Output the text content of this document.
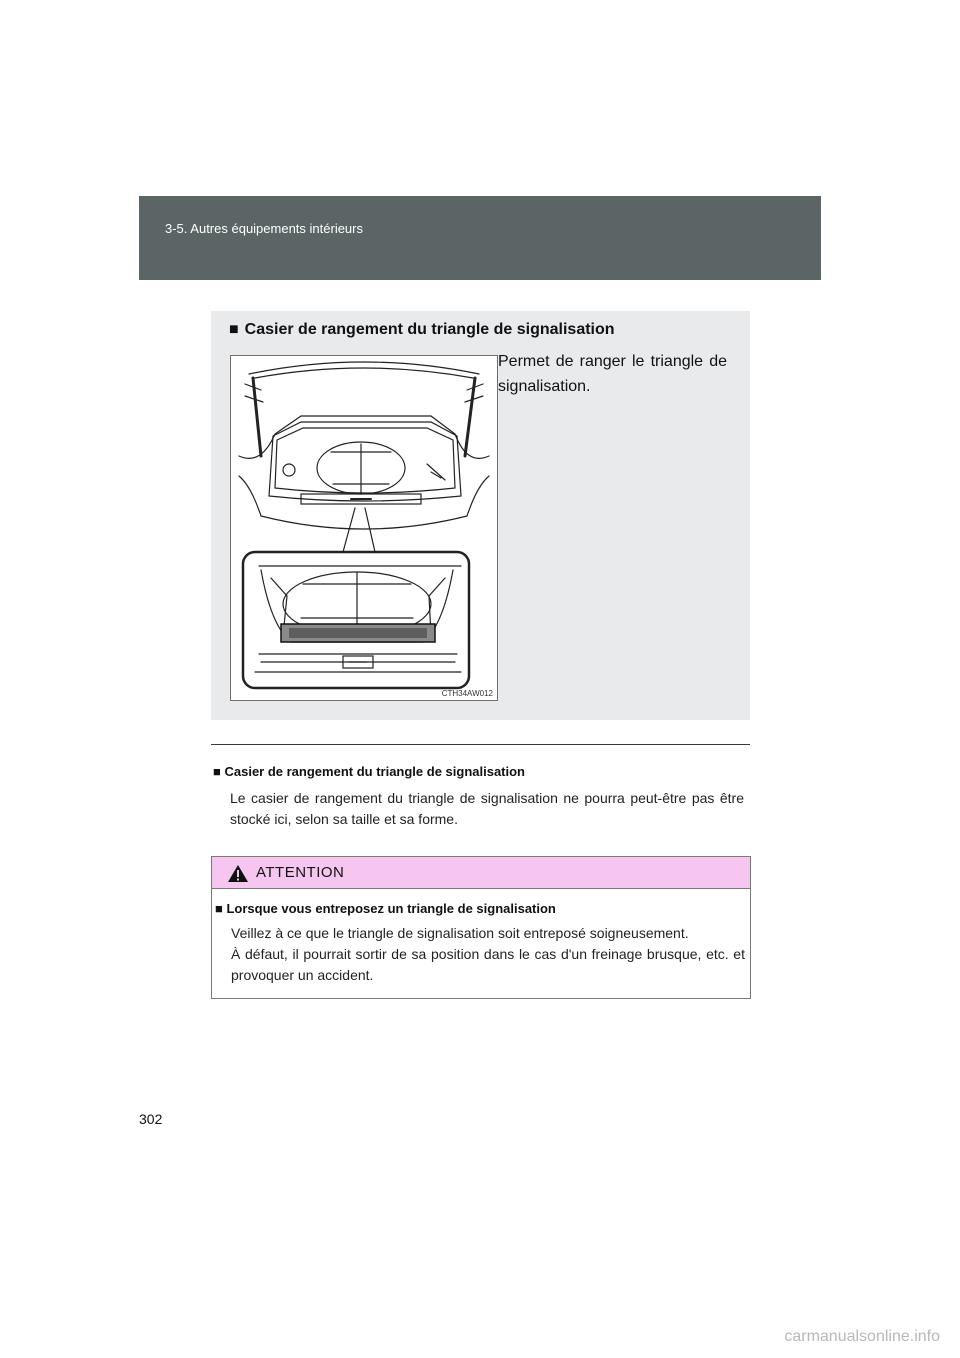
3-5. Autres équipements intérieurs
■ Casier de rangement du triangle de signalisation
Permet de ranger le triangle de signalisation.
CTH34AW012
■ Casier de rangement du triangle de signalisation
Le casier de rangement du triangle de signalisation ne pourra peut-être pas être stocké ici, selon sa taille et sa forme.
ATTENTION
■ Lorsque vous entreposez un triangle de signalisation
Veillez à ce que le triangle de signalisation soit entreposé soigneusement.
À défaut, il pourrait sortir de sa position dans le cas d'un freinage brusque, etc. et provoquer un accident.
302
carmanualsonline.info
